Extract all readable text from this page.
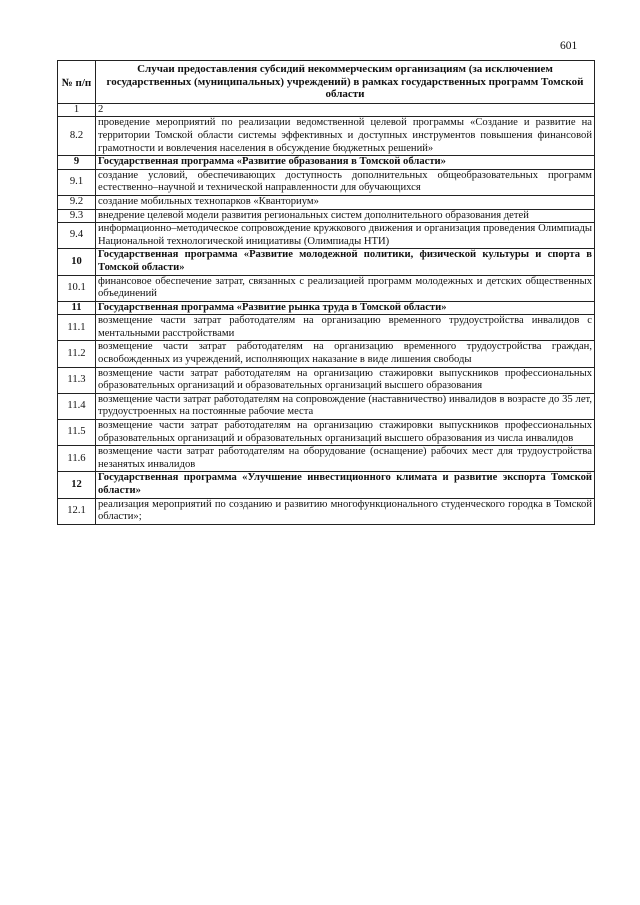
601
№ п/п	Случаи предоставления субсидий некоммерческим организациям (за исключением государственных (муниципальных) учреждений) в рамках государственных программ Томской области
1	2
8.2	проведение мероприятий по реализации ведомственной целевой программы «Создание и развитие на территории Томской области системы эффективных и доступных инструментов повышения финансовой грамотности и вовлечения населения в обсуждение бюджетных решений»
9	Государственная программа «Развитие образования в Томской области»
9.1	создание условий, обеспечивающих доступность дополнительных общеобразовательных программ естественно–научной и технической направленности для обучающихся
9.2	создание мобильных технопарков «Кванториум»
9.3	внедрение целевой модели развития региональных систем дополнительного образования детей
9.4	информационно–методическое сопровождение кружкового движения и организация проведения Олимпиады Национальной технологической инициативы (Олимпиады НТИ)
10	Государственная программа «Развитие молодежной политики, физической культуры и спорта в Томской области»
10.1	финансовое обеспечение затрат, связанных с реализацией программ молодежных и детских общественных объединений
11	Государственная программа «Развитие рынка труда в Томской области»
11.1	возмещение части затрат работодателям на организацию временного трудоустройства инвалидов с ментальными расстройствами
11.2	возмещение части затрат работодателям на организацию временного трудоустройства граждан, освобожденных из учреждений, исполняющих наказание в виде лишения свободы
11.3	возмещение части затрат работодателям на организацию стажировки выпускников профессиональных образовательных организаций и образовательных организаций высшего образования
11.4	возмещение части затрат работодателям на сопровождение (наставничество) инвалидов в возрасте до 35 лет, трудоустроенных на постоянные рабочие места
11.5	возмещение части затрат работодателям на организацию стажировки выпускников профессиональных образовательных организаций и образовательных организаций высшего образования из числа инвалидов
11.6	возмещение части затрат работодателям на оборудование (оснащение) рабочих мест для трудоустройства незанятых инвалидов
12	Государственная программа «Улучшение инвестиционного климата и развитие экспорта Томской области»
12.1	реализация мероприятий по созданию и развитию многофункционального студенческого городка в Томской области»;
